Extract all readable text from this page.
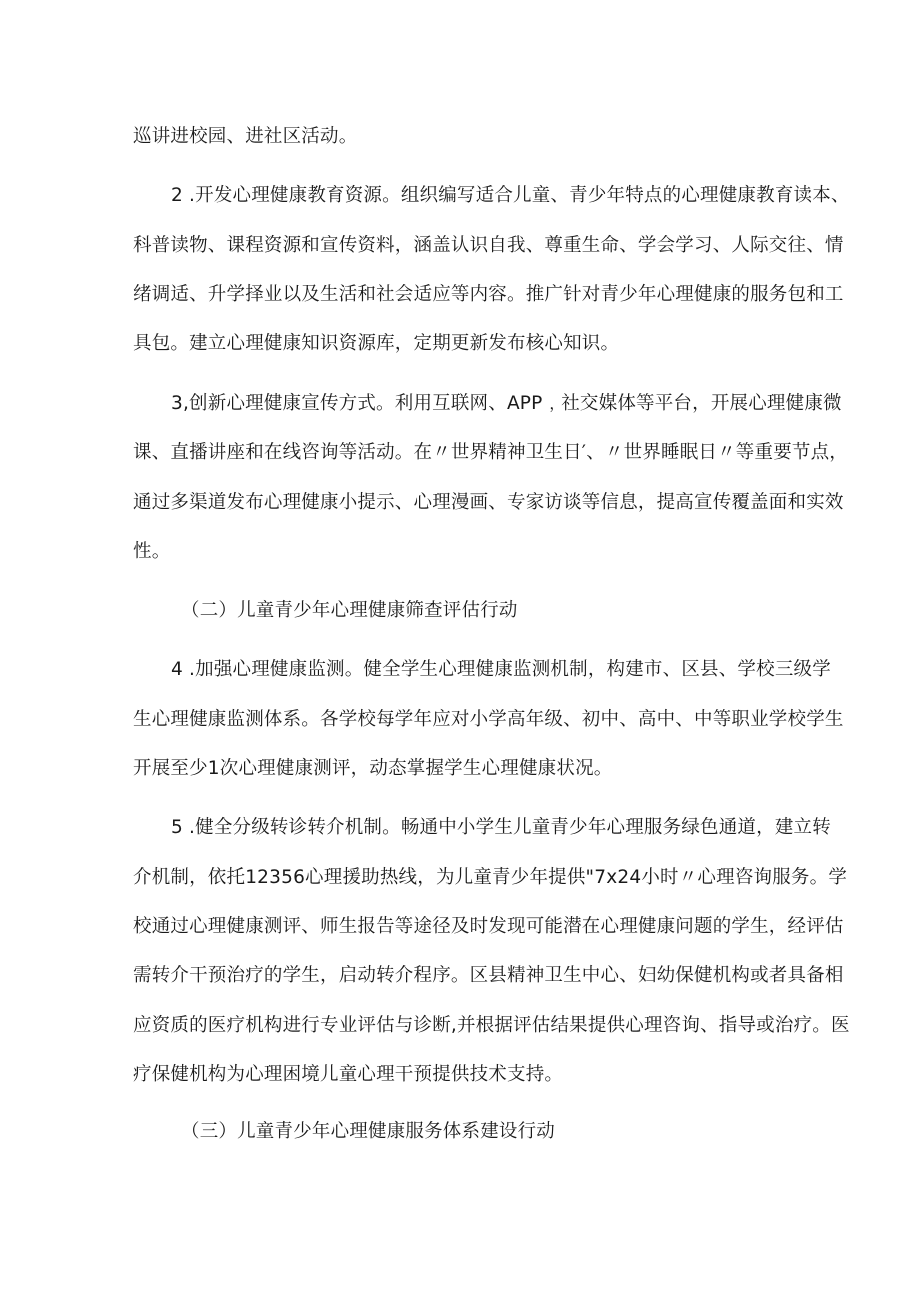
巡讲进校园、进社区活动。
2 .开发心理健康教育资源。组织编写适合儿童、青少年特点的心理健康教育读本、
科普读物、课程资源和宣传资料，涵盖认识自我、尊重生命、学会学习、人际交往、情
绪调适、升学择业以及生活和社会适应等内容。推广针对青少年心理健康的服务包和工
具包。建立心理健康知识资源库，定期更新发布核心知识。
3,创新心理健康宣传方式。利用互联网、APP﹐社交媒体等平台，开展心理健康微
课、直播讲座和在线咨询等活动。在〃世界精神卫生日′、〃世界睡眠日〃等重要节点，
通过多渠道发布心理健康小提示、心理漫画、专家访谈等信息，提高宣传覆盖面和实效
性。
（二）儿童青少年心理健康筛查评估行动
4 .加强心理健康监测。健全学生心理健康监测机制，构建市、区县、学校三级学
生心理健康监测体系。各学校每学年应对小学高年级、初中、高中、中等职业学校学生
开展至少1次心理健康测评，动态掌握学生心理健康状况。
5 .健全分级转诊转介机制。畅通中小学生儿童青少年心理服务绿色通道，建立转
介机制，依托12356心理援助热线，为儿童青少年提供"7x24小时〃心理咨询服务。学
校通过心理健康测评、师生报告等途径及时发现可能潜在心理健康问题的学生，经评估
需转介干预治疗的学生，启动转介程序。区县精神卫生中心、妇幼保健机构或者具备相
应资质的医疗机构进行专业评估与诊断,并根据评估结果提供心理咨询、指导或治疗。医
疗保健机构为心理困境儿童心理干预提供技术支持。
（三）儿童青少年心理健康服务体系建设行动
